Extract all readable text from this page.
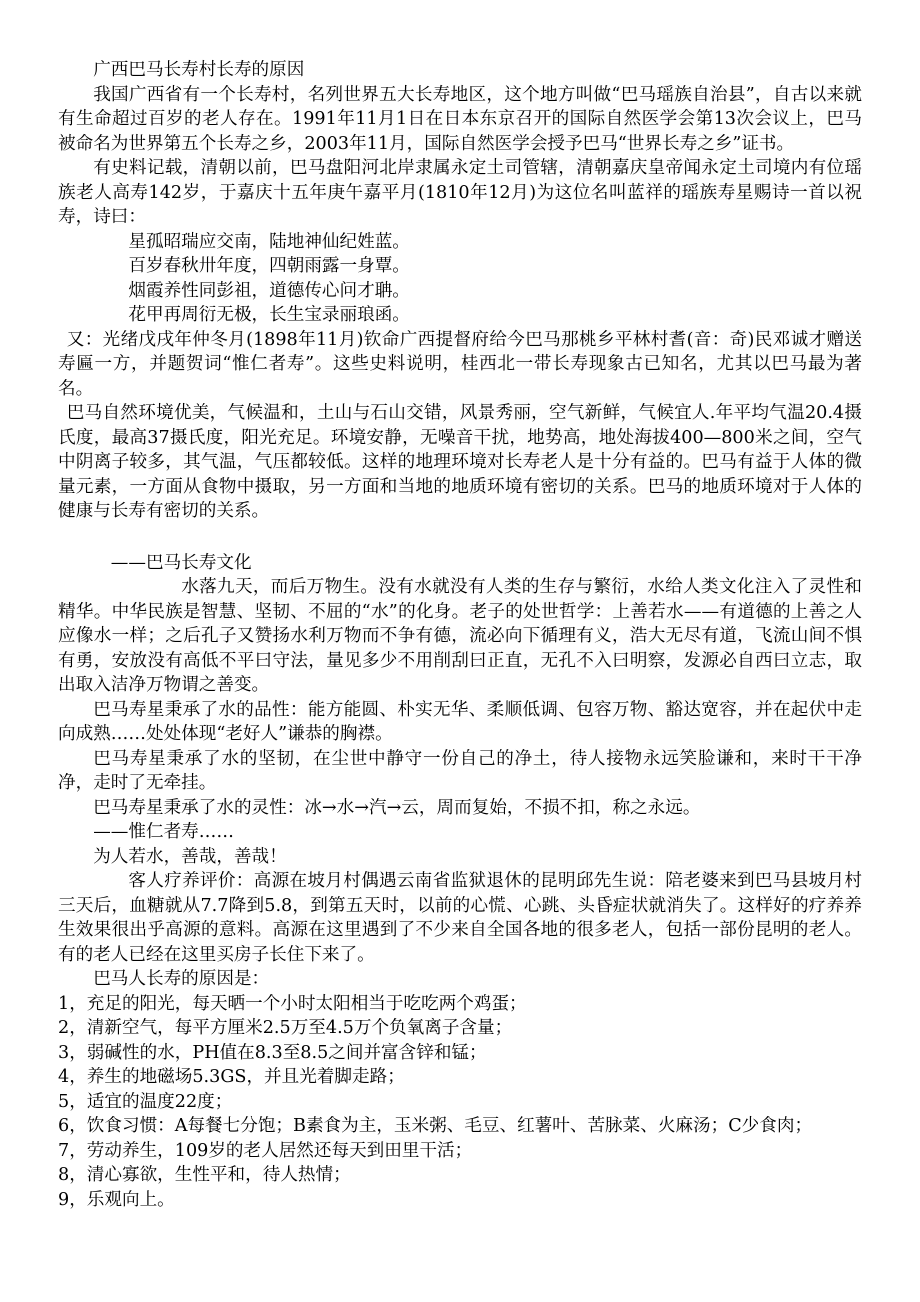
广西巴马长寿村长寿的原因

我国广西省有一个长寿村，名列世界五大长寿地区，这个地方叫做“巴马瑶族自治县”，自古以来就有生命超过百岁的老人存在。1991年11月1日在日本东京召开的国际自然医学会第13次会议上，巴马被命名为世界第五个长寿之乡，2003年11月，国际自然医学会授予巴马“世界长寿之乡”证书。

有史料记载，清朝以前，巴马盘阳河北岸隶属永定土司管辖，清朝嘉庆皇帝闻永定土司境内有位瑶族老人高寿142岁，于嘉庆十五年庚午嘉平月(1810年12月)为这位名叫蓝祥的瑶族寿星赐诗一首以祝寿，诗曰：

星孤昭瑞应交南，陆地神仙纪姓蓝。

百岁春秋卅年度，四朝雨露一身覃。

烟霞养性同彭祖，道德传心问才聃。

花甲再周衍无极，长生宝录丽琅函。

又：光绪戊戌年仲冬月(1898年11月)钦命广西提督府给今巴马那桃乡平林村耆(音：奇)民邓诚才赠送寿匾一方，并题贺词“惟仁者寿”。这些史料说明，桂西北一带长寿现象古已知名，尤其以巴马最为著名。

巴马自然环境优美，气候温和，土山与石山交错，风景秀丽，空气新鲜，气候宜人.年平均气温20.4摄氏度，最高37摄氏度，阳光充足。环境安静，无噪音干扰，地势高，地处海拔400—800米之间，空气中阴离子较多，其气温，气压都较低。这样的地理环境对长寿老人是十分有益的。巴马有益于人体的微量元素，一方面从食物中摄取，另一方面和当地的地质环境有密切的关系。巴马的地质环境对于人体的健康与长寿有密切的关系。

——巴马长寿文化

水落九天，而后万物生。没有水就没有人类的生存与繁衍，水给人类文化注入了灵性和精华。中华民族是智慧、坚韧、不屈的“水”的化身。老子的处世哲学：上善若水——有道德的上善之人应像水一样；之后孔子又赞扬水利万物而不争有德，流必向下循理有义，浩大无尽有道，飞流山间不惧有勇，安放没有高低不平曰守法，量见多少不用削刮曰正直，无孔不入曰明察，发源必自西曰立志，取出取入洁净万物谓之善变。

巴马寿星秉承了水的品性：能方能圆、朴实无华、柔顺低调、包容万物、豁达宽容，并在起伏中走向成熟……处处体现“老好人”谦恭的胸襟。

巴马寿星秉承了水的坚韧，在尘世中静守一份自己的净土，待人接物永远笑脸谦和，来时干干净净，走时了无牵挂。

巴马寿星秉承了水的灵性：冰→水→汽→云，周而复始，不损不扣，称之永远。

——惟仁者寿……

为人若水，善哉，善哉！

客人疗养评价：高源在坡月村偶遇云南省监狱退休的昆明邱先生说：陪老婆来到巴马县坡月村三天后，血糖就从7.7降到5.8，到第五天时，以前的心慌、心跳、头昏症状就消失了。这样好的疗养养生效果很出乎高源的意料。高源在这里遇到了不少来自全国各地的很多老人，包括一部份昆明的老人。有的老人已经在这里买房子长住下来了。

巴马人长寿的原因是：

1，充足的阳光，每天晒一个小时太阳相当于吃吃两个鸡蛋；

2，清新空气，每平方厘米2.5万至4.5万个负氧离子含量；

3，弱碱性的水，PH值在8.3至8.5之间并富含锌和锰；

4，养生的地磁场5.3GS，并且光着脚走路；

5，适宜的温度22度；

6，饮食习惯：A每餐七分饱；B素食为主，玉米粥、毛豆、红薯叶、苦脉菜、火麻汤；C少食肉；

7，劳动养生，109岁的老人居然还每天到田里干活；

8，清心寡欲，生性平和，待人热情；

9，乐观向上。
